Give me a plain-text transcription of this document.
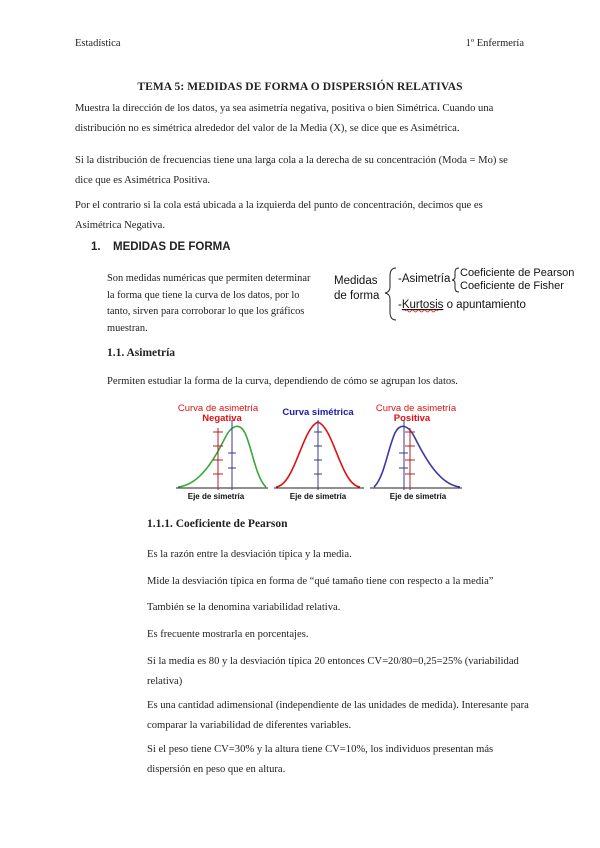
Estadística	1º Enfermería
TEMA 5: MEDIDAS DE FORMA O DISPERSIÓN RELATIVAS
Muestra la dirección de los datos, ya sea asimetría negativa, positiva o bien Simétrica. Cuando una distribución no es simétrica alrededor del valor de la Media (X), se dice que es Asimétrica.
Si la distribución de frecuencias tiene una larga cola a la derecha de su concentración (Moda = Mo) se dice que es Asimétrica Positiva.
Por el contrario si la cola está ubicada a la izquierda del punto de concentración, decimos que es Asimétrica Negativa.
1. MEDIDAS DE FORMA
Son medidas numéricas que permiten determinar la forma que tiene la curva de los datos, por lo tanto, sirven para corroborar lo que los gráficos muestran.
Medidas
de forma
-Asimetría Coeficiente de Pearson
Coeficiente de Fisher
-Kurtosis o apuntamiento
1.1. Asimetría
Permiten estudiar la forma de la curva, dependiendo de cómo se agrupan los datos.
Curva de asimetría
Negativa
Curva simétrica Curva de asimetría
Positiva
Eje de simetría	Eje de simetría	Eje de simetría
1.1.1. Coeficiente de Pearson
Es la razón entre la desviación típica y la media.
Mide la desviación típica en forma de “qué tamaño tiene con respecto a la media”
También se la denomina variabilidad relativa.
Es frecuente mostrarla en porcentajes.
Si la media es 80 y la desviación típica 20 entonces CV=20/80=0,25=25% (variabilidad relativa)
Es una cantidad adimensional (independiente de las unidades de medida). Interesante para comparar la variabilidad de diferentes variables.
Si el peso tiene CV=30% y la altura tiene CV=10%, los individuos presentan más dispersión en peso que en altura.
